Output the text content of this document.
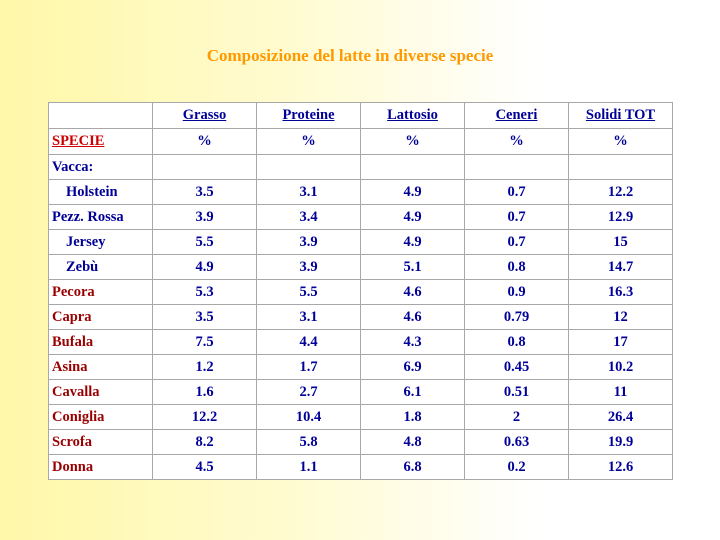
Composizione del latte in diverse specie
	Grasso	Proteine	Lattosio	Ceneri	Solidi TOT
SPECIE	%	%	%	%	%
Vacca:					
Holstein	3.5	3.1	4.9	0.7	12.2
Pezz. Rossa	3.9	3.4	4.9	0.7	12.9
Jersey	5.5	3.9	4.9	0.7	15
Zebù	4.9	3.9	5.1	0.8	14.7
Pecora	5.3	5.5	4.6	0.9	16.3
Capra	3.5	3.1	4.6	0.79	12
Bufala	7.5	4.4	4.3	0.8	17
Asina	1.2	1.7	6.9	0.45	10.2
Cavalla	1.6	2.7	6.1	0.51	11
Coniglia	12.2	10.4	1.8	2	26.4
Scrofa	8.2	5.8	4.8	0.63	19.9
Donna	4.5	1.1	6.8	0.2	12.6
